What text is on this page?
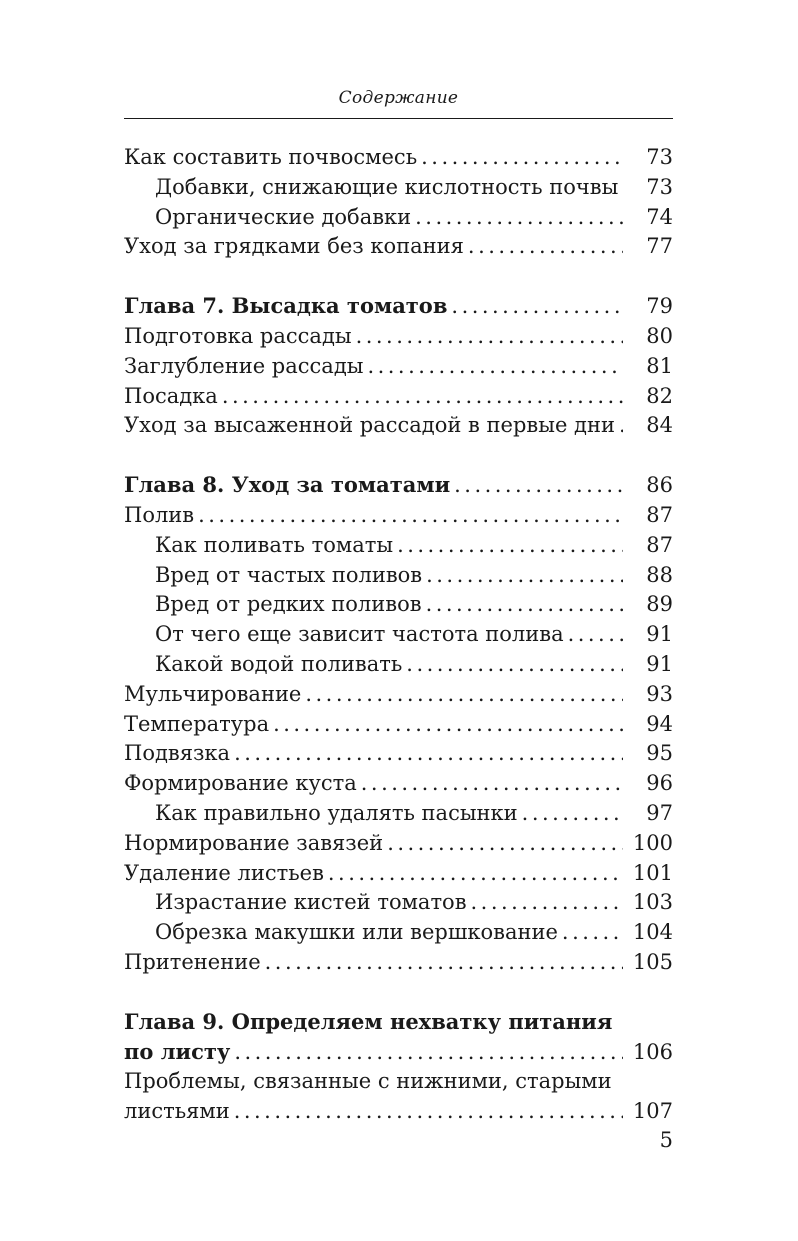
Содержание
Как составить почвосмесь . . .	73
Добавки, снижающие кислотность почвы . . .	73
Органические добавки . . .	74
Уход за грядками без копания . . .	77
Глава 7. Высадка томатов . . .	79
Подготовка рассады . . .	80
Заглубление рассады . . .	81
Посадка . . .	82
Уход за высаженной рассадой в первые дни . . .	84
Глава 8. Уход за томатами . . .	86
Полив . . .	87
Как поливать томаты . . .	87
Вред от частых поливов . . .	88
Вред от редких поливов . . .	89
От чего еще зависит частота полива . . .	91
Какой водой поливать . . .	91
Мульчирование . . .	93
Температура . . .	94
Подвязка . . .	95
Формирование куста . . .	96
Как правильно удалять пасынки . . .	97
Нормирование завязей . . .	100
Удаление листьев . . .	101
Израстание кистей томатов . . .	103
Обрезка макушки или вершкование . . .	104
Притенение . . .	105
Глава 9. Определяем нехватку питания
по листу . . .	106
Проблемы, связанные с нижними, старыми
листьями . . .	107
5
